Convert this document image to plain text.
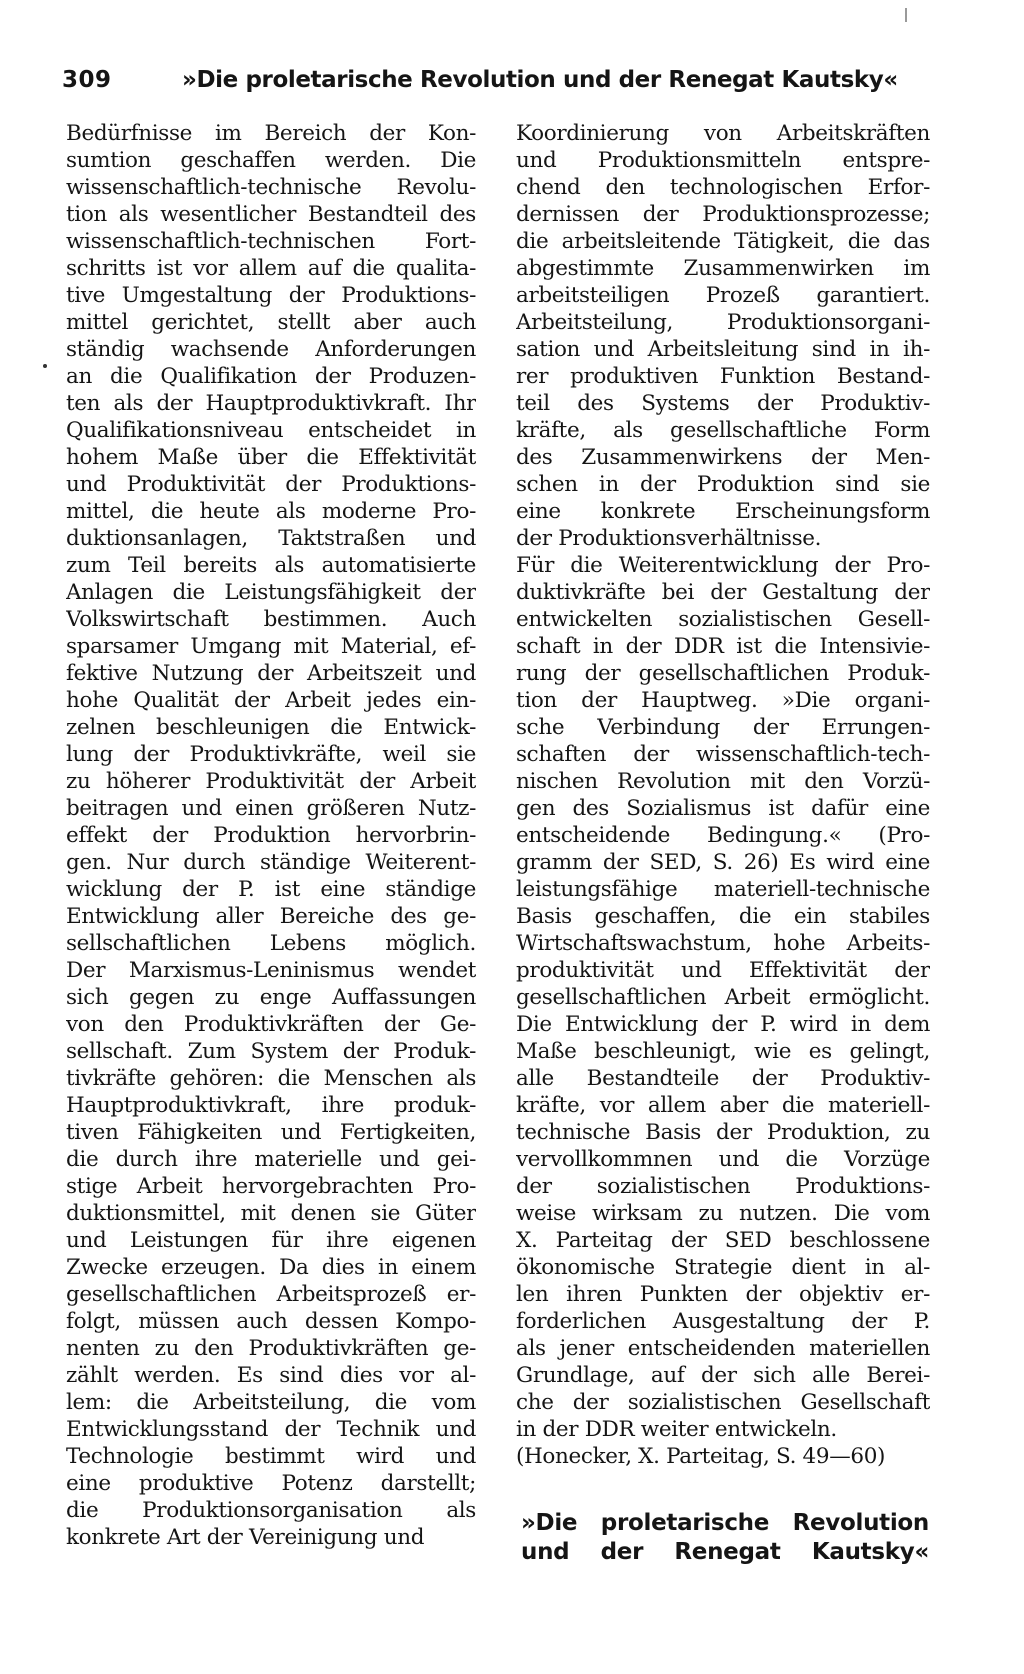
309	»Die proletarische Revolution und der Renegat Kautsky«
Bedürfnisse im Bereich der Kon-
sumtion geschaffen werden. Die
wissenschaftlich-technische Revolu-
tion als wesentlicher Bestandteil des
wissenschaftlich-technischen Fort-
schritts ist vor allem auf die qualita-
tive Umgestaltung der Produktions-
mittel gerichtet, stellt aber auch
ständig wachsende Anforderungen
an die Qualifikation der Produzen-
ten als der Hauptproduktivkraft. Ihr
Qualifikationsniveau entscheidet in
hohem Maße über die Effektivität
und Produktivität der Produktions-
mittel, die heute als moderne Pro-
duktionsanlagen, Taktstraßen und
zum Teil bereits als automatisierte
Anlagen die Leistungsfähigkeit der
Volkswirtschaft bestimmen. Auch
sparsamer Umgang mit Material, ef-
fektive Nutzung der Arbeitszeit und
hohe Qualität der Arbeit jedes ein-
zelnen beschleunigen die Entwick-
lung der Produktivkräfte, weil sie
zu höherer Produktivität der Arbeit
beitragen und einen größeren Nutz-
effekt der Produktion hervorbrin-
gen. Nur durch ständige Weiterent-
wicklung der P. ist eine ständige
Entwicklung aller Bereiche des ge-
sellschaftlichen Lebens möglich.
Der Marxismus-Leninismus wendet
sich gegen zu enge Auffassungen
von den Produktivkräften der Ge-
sellschaft. Zum System der Produk-
tivkräfte gehören: die Menschen als
Hauptproduktivkraft, ihre produk-
tiven Fähigkeiten und Fertigkeiten,
die durch ihre materielle und gei-
stige Arbeit hervorgebrachten Pro-
duktionsmittel, mit denen sie Güter
und Leistungen für ihre eigenen
Zwecke erzeugen. Da dies in einem
gesellschaftlichen Arbeitsprozeß er-
folgt, müssen auch dessen Kompo-
nenten zu den Produktivkräften ge-
zählt werden. Es sind dies vor al-
lem: die Arbeitsteilung, die vom
Entwicklungsstand der Technik und
Technologie bestimmt wird und
eine produktive Potenz darstellt;
die Produktionsorganisation als
konkrete Art der Vereinigung und
Koordinierung von Arbeitskräften
und Produktionsmitteln entspre-
chend den technologischen Erfor-
dernissen der Produktionsprozesse;
die arbeitsleitende Tätigkeit, die das
abgestimmte Zusammenwirken im
arbeitsteiligen Prozeß garantiert.
Arbeitsteilung, Produktionsorgani-
sation und Arbeitsleitung sind in ih-
rer produktiven Funktion Bestand-
teil des Systems der Produktiv-
kräfte, als gesellschaftliche Form
des Zusammenwirkens der Men-
schen in der Produktion sind sie
eine konkrete Erscheinungsform
der Produktionsverhältnisse.
Für die Weiterentwicklung der Pro-
duktivkräfte bei der Gestaltung der
entwickelten sozialistischen Gesell-
schaft in der DDR ist die Intensivie-
rung der gesellschaftlichen Produk-
tion der Hauptweg. »Die organi-
sche Verbindung der Errungen-
schaften der wissenschaftlich-tech-
nischen Revolution mit den Vorzü-
gen des Sozialismus ist dafür eine
entscheidende Bedingung.« (Pro-
gramm der SED, S. 26) Es wird eine
leistungsfähige materiell-technische
Basis geschaffen, die ein stabiles
Wirtschaftswachstum, hohe Arbeits-
produktivität und Effektivität der
gesellschaftlichen Arbeit ermöglicht.
Die Entwicklung der P. wird in dem
Maße beschleunigt, wie es gelingt,
alle Bestandteile der Produktiv-
kräfte, vor allem aber die materiell-
technische Basis der Produktion, zu
vervollkommnen und die Vorzüge
der sozialistischen Produktions-
weise wirksam zu nutzen. Die vom
X. Parteitag der SED beschlossene
ökonomische Strategie dient in al-
len ihren Punkten der objektiv er-
forderlichen Ausgestaltung der P.
als jener entscheidenden materiellen
Grundlage, auf der sich alle Berei-
che der sozialistischen Gesellschaft
in der DDR weiter entwickeln.
(Honecker, X. Parteitag, S. 49—60)
»Die proletarische Revolution
und der Renegat Kautsky«
